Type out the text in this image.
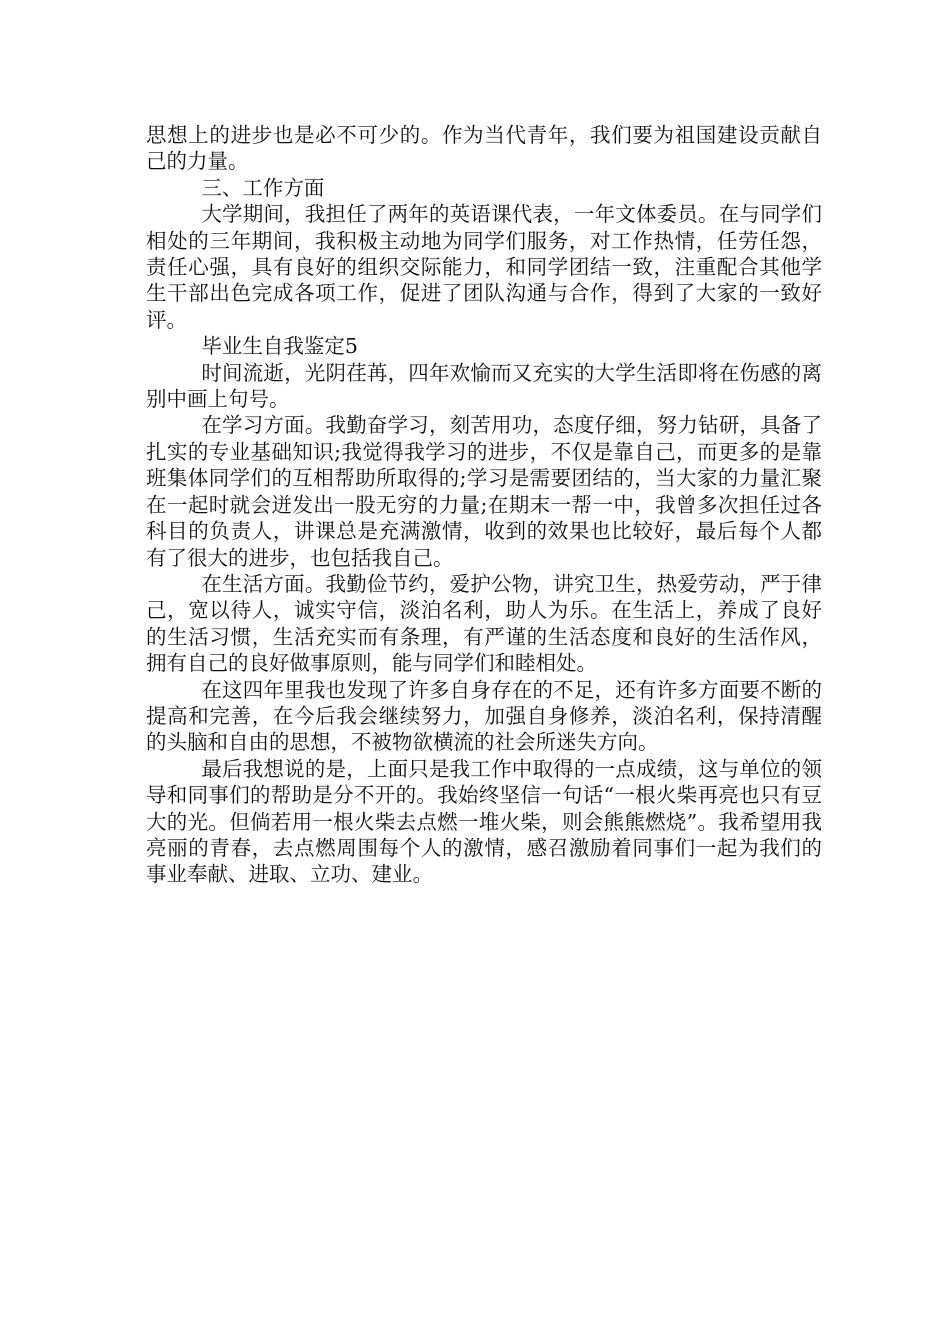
思想上的进步也是必不可少的。作为当代青年，我们要为祖国建设贡献自己的力量。

三、工作方面

大学期间，我担任了两年的英语课代表，一年文体委员。在与同学们相处的三年期间，我积极主动地为同学们服务，对工作热情，任劳任怨，责任心强，具有良好的组织交际能力，和同学团结一致，注重配合其他学生干部出色完成各项工作，促进了团队沟通与合作，得到了大家的一致好评。

毕业生自我鉴定5

时间流逝，光阴荏苒，四年欢愉而又充实的大学生活即将在伤感的离别中画上句号。

在学习方面。我勤奋学习，刻苦用功，态度仔细，努力钻研，具备了扎实的专业基础知识;我觉得我学习的进步，不仅是靠自己，而更多的是靠班集体同学们的互相帮助所取得的;学习是需要团结的，当大家的力量汇聚在一起时就会迸发出一股无穷的力量;在期末一帮一中，我曾多次担任过各科目的负责人，讲课总是充满激情，收到的效果也比较好，最后每个人都有了很大的进步，也包括我自己。

在生活方面。我勤俭节约，爱护公物，讲究卫生，热爱劳动，严于律己，宽以待人，诚实守信，淡泊名利，助人为乐。在生活上，养成了良好的生活习惯，生活充实而有条理，有严谨的生活态度和良好的生活作风，拥有自己的良好做事原则，能与同学们和睦相处。

在这四年里我也发现了许多自身存在的不足，还有许多方面要不断的提高和完善，在今后我会继续努力，加强自身修养，淡泊名利，保持清醒的头脑和自由的思想，不被物欲横流的社会所迷失方向。

最后我想说的是，上面只是我工作中取得的一点成绩，这与单位的领导和同事们的帮助是分不开的。我始终坚信一句话“一根火柴再亮也只有豆大的光。但倘若用一根火柴去点燃一堆火柴，则会熊熊燃烧”。我希望用我亮丽的青春，去点燃周围每个人的激情，感召激励着同事们一起为我们的事业奉献、进取、立功、建业。
